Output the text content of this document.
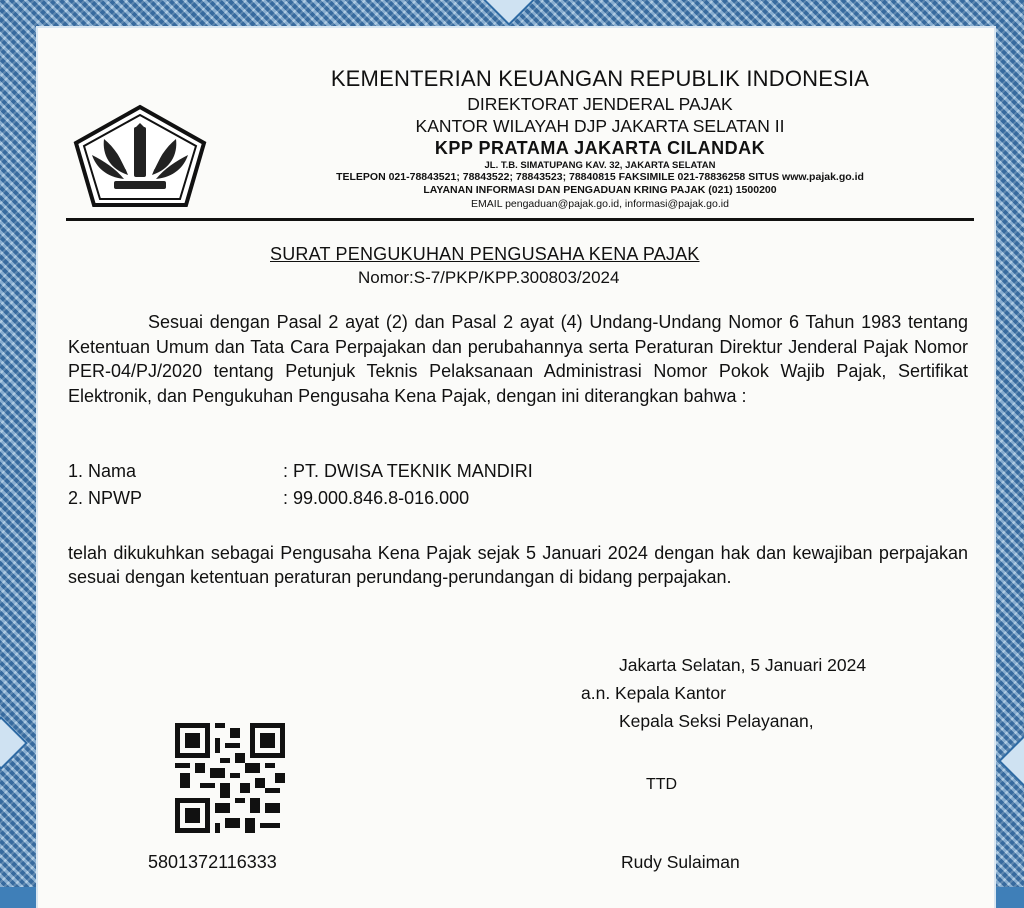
KEMENTERIAN KEUANGAN REPUBLIK INDONESIA
DIREKTORAT JENDERAL PAJAK
KANTOR WILAYAH DJP JAKARTA SELATAN II
KPP PRATAMA JAKARTA CILANDAK
JL. T.B. SIMATUPANG KAV. 32, JAKARTA SELATAN
TELEPON 021-78843521; 78843522; 78843523; 78840815 FAKSIMILE 021-78836258 SITUS www.pajak.go.id
LAYANAN INFORMASI DAN PENGADUAN KRING PAJAK (021) 1500200
EMAIL pengaduan@pajak.go.id, informasi@pajak.go.id
SURAT PENGUKUHAN PENGUSAHA KENA PAJAK
Nomor:S-7/PKP/KPP.300803/2024
Sesuai dengan Pasal 2 ayat (2) dan Pasal 2 ayat (4) Undang-Undang Nomor 6 Tahun 1983 tentang Ketentuan Umum dan Tata Cara Perpajakan dan perubahannya serta Peraturan Direktur Jenderal Pajak Nomor PER-04/PJ/2020 tentang Petunjuk Teknis Pelaksanaan Administrasi Nomor Pokok Wajib Pajak, Sertifikat Elektronik, dan Pengukuhan Pengusaha Kena Pajak, dengan ini diterangkan bahwa :
1. Nama	: PT. DWISA TEKNIK MANDIRI
2. NPWP	: 99.000.846.8-016.000
telah dikukuhkan sebagai Pengusaha Kena Pajak sejak 5 Januari 2024 dengan hak dan kewajiban perpajakan sesuai dengan ketentuan peraturan perundang-perundangan di bidang perpajakan.
Jakarta Selatan, 5 Januari 2024
a.n. Kepala Kantor
Kepala Seksi Pelayanan,
TTD
Rudy Sulaiman
5801372116333
